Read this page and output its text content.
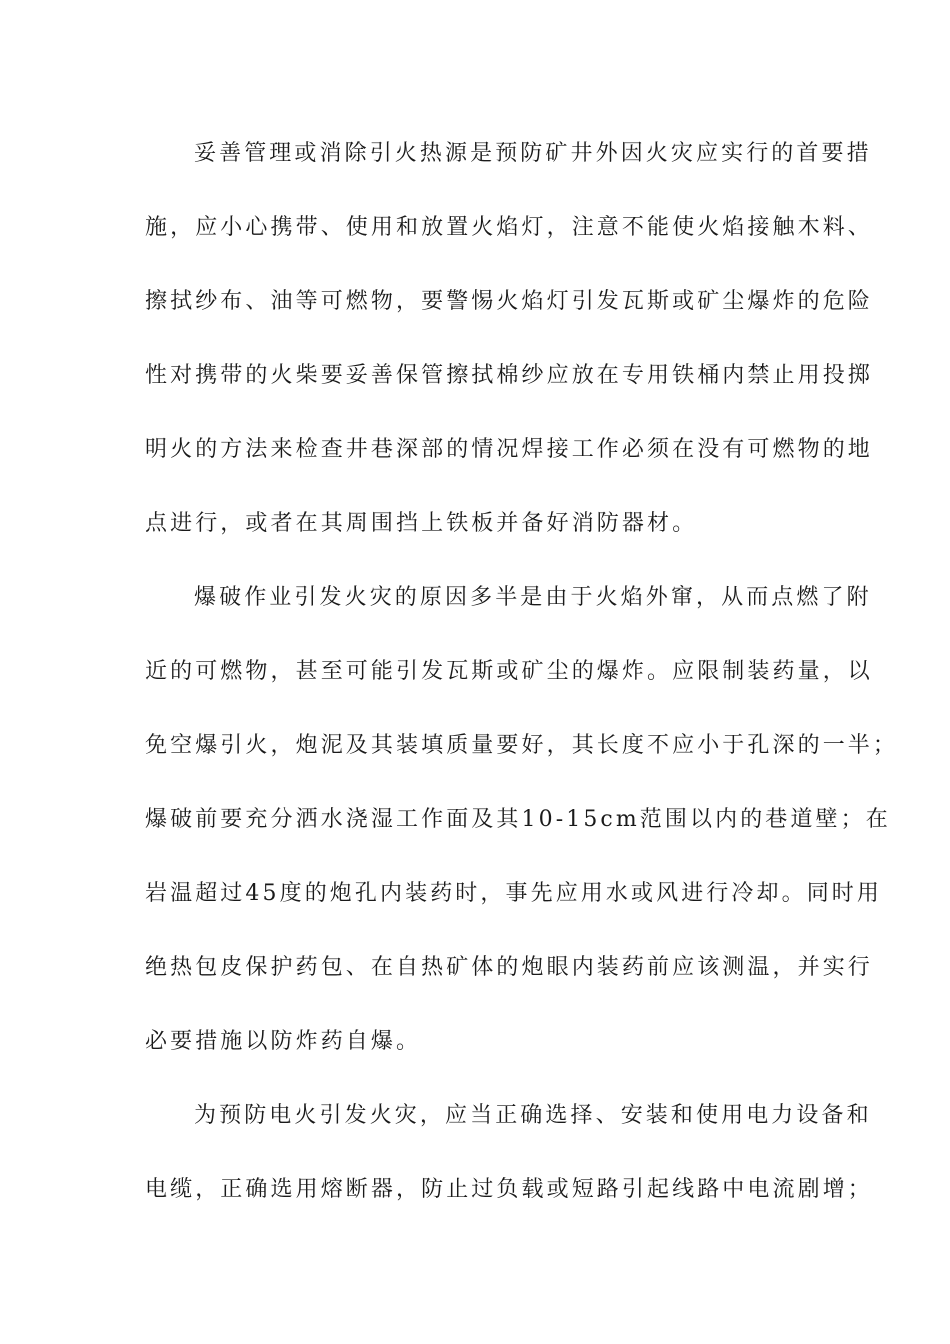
妥善管理或消除引火热源是预防矿井外因火灾应实行的首要措
施，应小心携带、使用和放置火焰灯，注意不能使火焰接触木料、
擦拭纱布、油等可燃物，要警惕火焰灯引发瓦斯或矿尘爆炸的危险
性对携带的火柴要妥善保管擦拭棉纱应放在专用铁桶内禁止用投掷
明火的方法来检查井巷深部的情况焊接工作必须在没有可燃物的地
点进行，或者在其周围挡上铁板并备好消防器材。
爆破作业引发火灾的原因多半是由于火焰外窜，从而点燃了附
近的可燃物，甚至可能引发瓦斯或矿尘的爆炸。应限制装药量，以
免空爆引火，炮泥及其装填质量要好，其长度不应小于孔深的一半；
爆破前要充分洒水浇湿工作面及其10-15cm范围以内的巷道壁；在
岩温超过45度的炮孔内装药时，事先应用水或风进行冷却。同时用
绝热包皮保护药包、在自热矿体的炮眼内装药前应该测温，并实行
必要措施以防炸药自爆。
为预防电火引发火灾，应当正确选择、安装和使用电力设备和
电缆，正确选用熔断器，防止过负载或短路引起线路中电流剧增；
